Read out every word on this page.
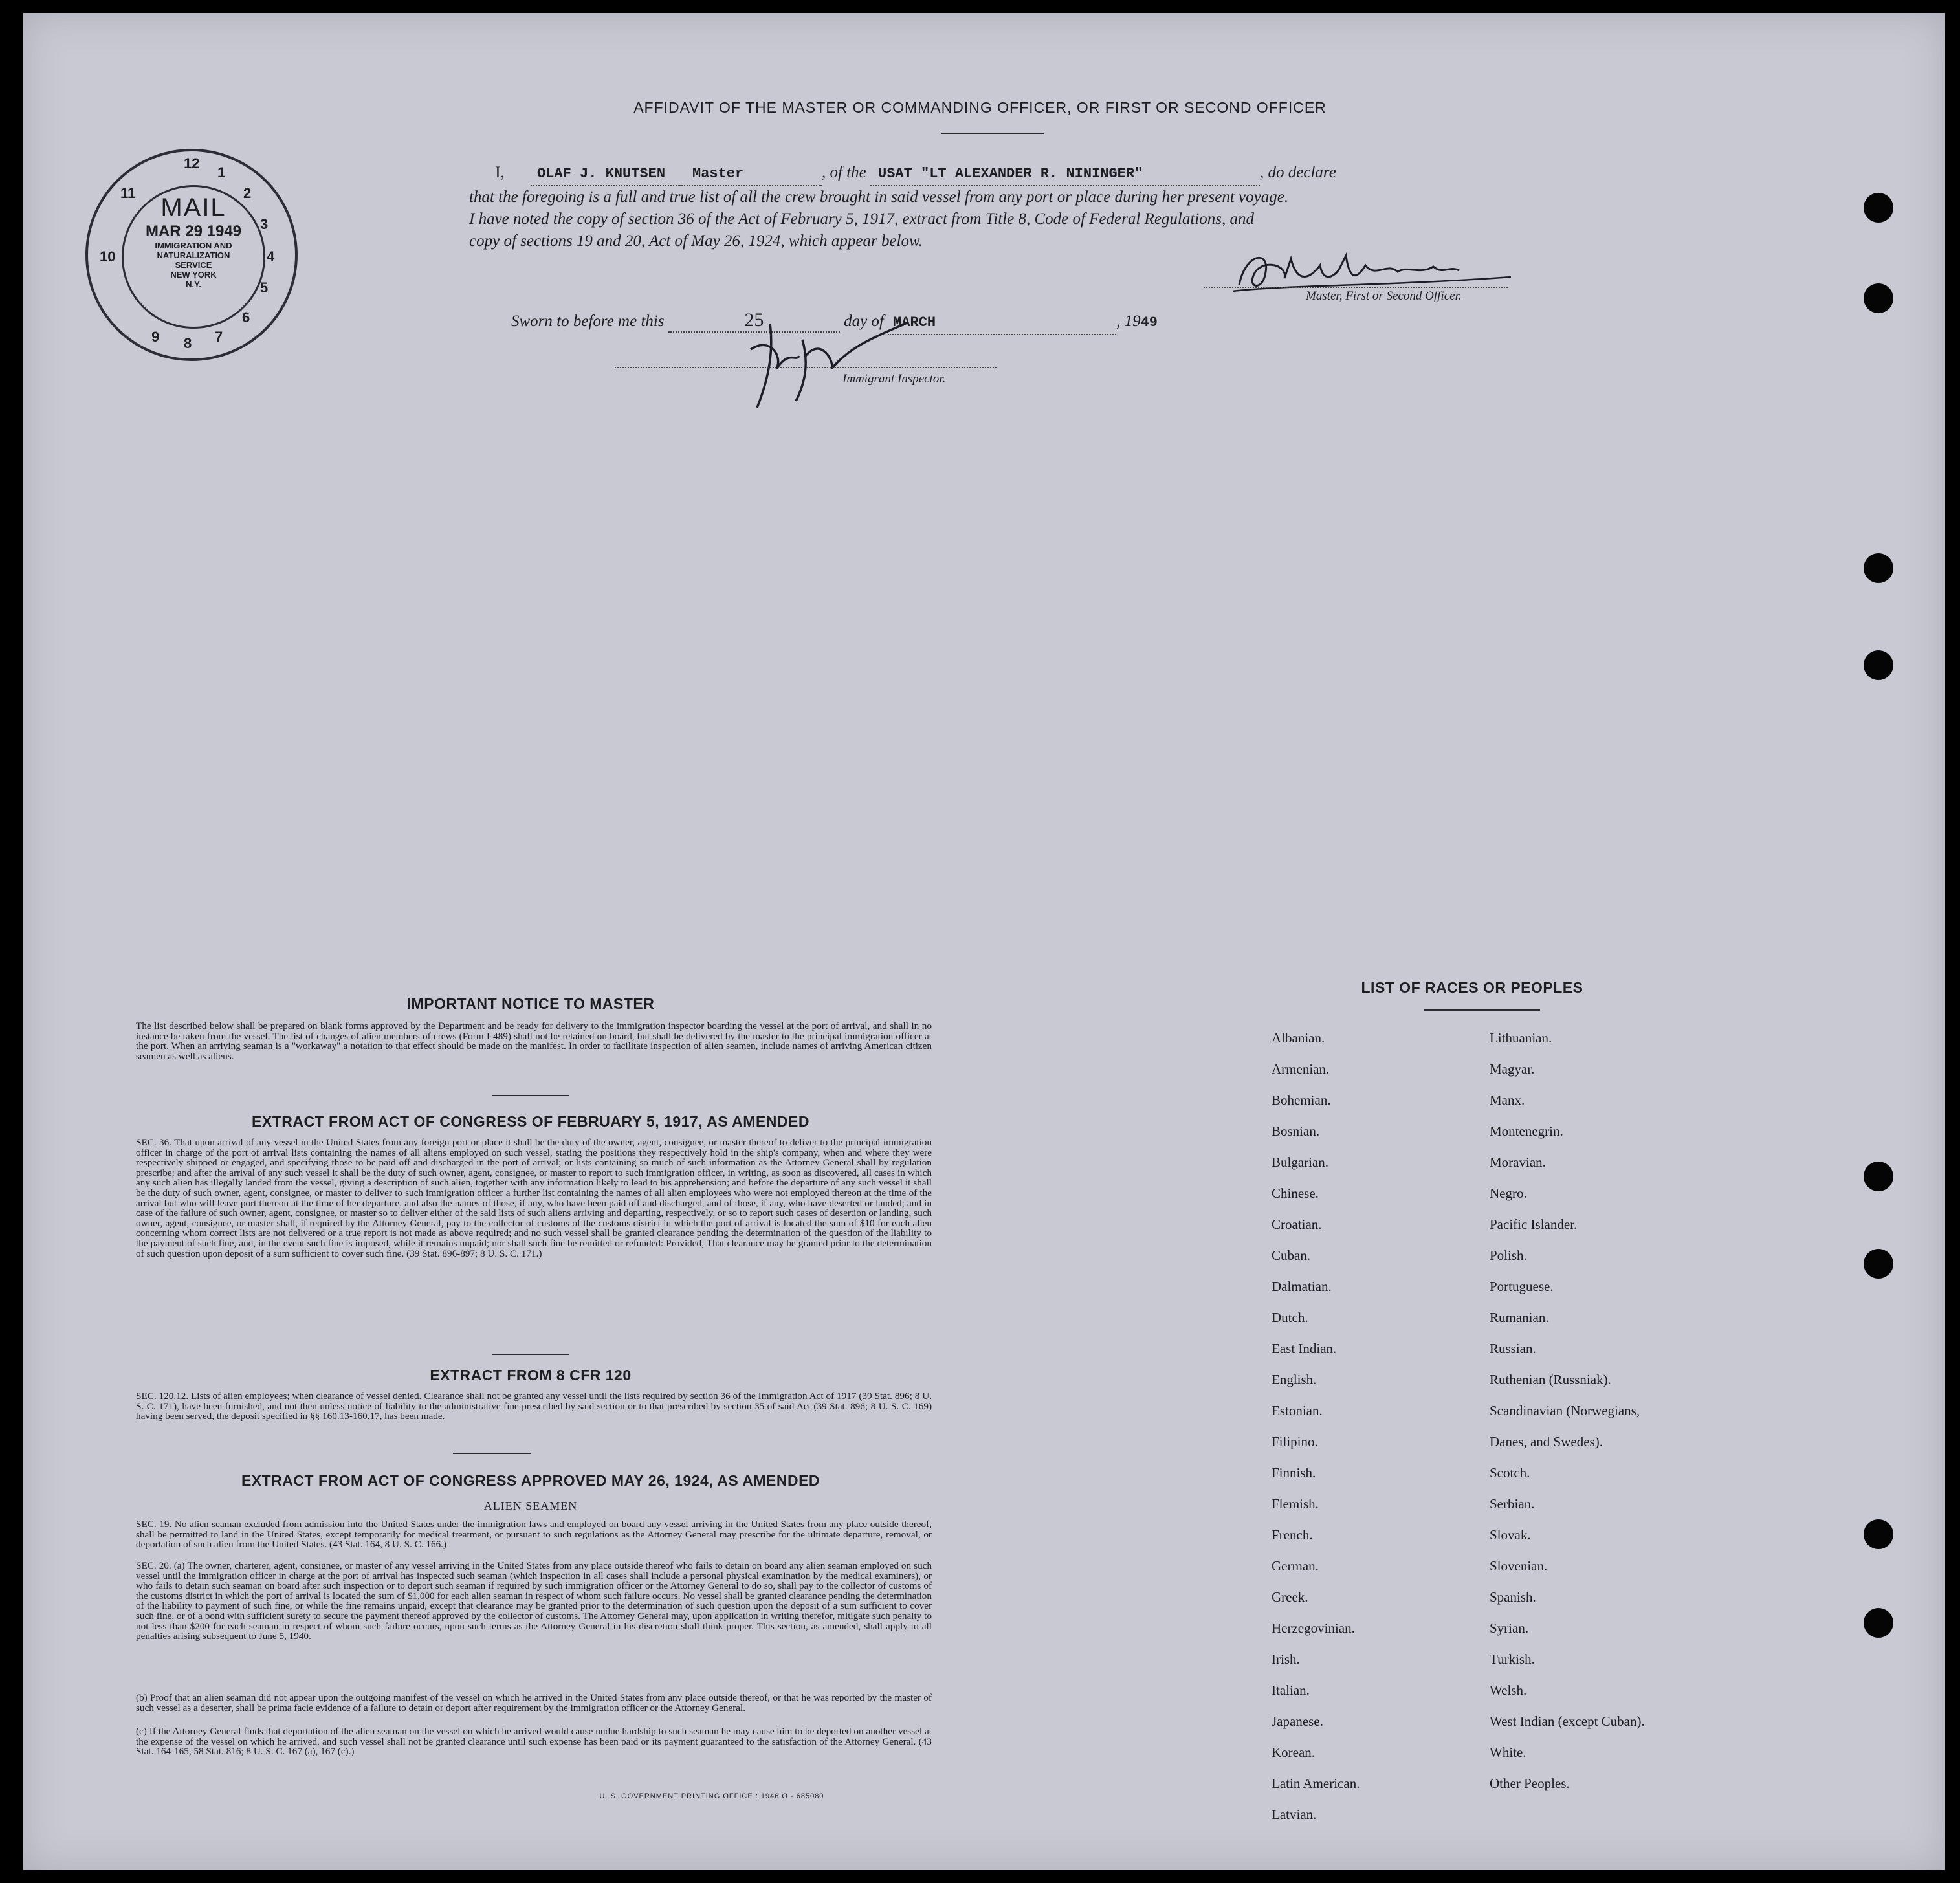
AFFIDAVIT OF THE MASTER OR COMMANDING OFFICER, OR FIRST OR SECOND OFFICER
I, OLAF J. KNUTSEN Master	, of the USAT "LT ALEXANDER R. NININGER"	, do declare
that the foregoing is a full and true list of all the crew brought in said vessel from any port or place during her present voyage.
I have noted the copy of section 36 of the Act of February 5, 1917, extract from Title 8, Code of Federal Regulations, and
copy of sections 19 and 20, Act of May 26, 1924, which appear below.
Master, First or Second Officer.
Sworn to before me this	25	day of MARCH	, 1949
Immigrant Inspector.
12
1
2
3
4
5
6
7
8
9
10
11
MAIL
MAR 29 1949
IMMIGRATION AND
NATURALIZATION
SERVICE
NEW YORK
N.Y.
IMPORTANT NOTICE TO MASTER
The list described below shall be prepared on blank forms approved by the Department and be ready for delivery to the immigration inspector boarding the vessel at the port of arrival, and shall in no instance be taken from the vessel. The list of changes of alien members of crews (Form I-489) shall not be retained on board, but shall be delivered by the master to the principal immigration officer at the port. When an arriving seaman is a "workaway" a notation to that effect should be made on the manifest. In order to facilitate inspection of alien seamen, include names of arriving American citizen seamen as well as aliens.
EXTRACT FROM ACT OF CONGRESS OF FEBRUARY 5, 1917, AS AMENDED
SEC. 36. That upon arrival of any vessel in the United States from any foreign port or place it shall be the duty of the owner, agent, consignee, or master thereof to deliver to the principal immigration officer in charge of the port of arrival lists containing the names of all aliens employed on such vessel, stating the positions they respectively hold in the ship's company, when and where they were respectively shipped or engaged, and specifying those to be paid off and discharged in the port of arrival; or lists containing so much of such information as the Attorney General shall by regulation prescribe; and after the arrival of any such vessel it shall be the duty of such owner, agent, consignee, or master to report to such immigration officer, in writing, as soon as discovered, all cases in which any such alien has illegally landed from the vessel, giving a description of such alien, together with any information likely to lead to his apprehension; and before the departure of any such vessel it shall be the duty of such owner, agent, consignee, or master to deliver to such immigration officer a further list containing the names of all alien employees who were not employed thereon at the time of the arrival but who will leave port thereon at the time of her departure, and also the names of those, if any, who have been paid off and discharged, and of those, if any, who have deserted or landed; and in case of the failure of such owner, agent, consignee, or master so to deliver either of the said lists of such aliens arriving and departing, respectively, or so to report such cases of desertion or landing, such owner, agent, consignee, or master shall, if required by the Attorney General, pay to the collector of customs of the customs district in which the port of arrival is located the sum of $10 for each alien concerning whom correct lists are not delivered or a true report is not made as above required; and no such vessel shall be granted clearance pending the determination of the question of the liability to the payment of such fine, and, in the event such fine is imposed, while it remains unpaid; nor shall such fine be remitted or refunded: Provided, That clearance may be granted prior to the determination of such question upon deposit of a sum sufficient to cover such fine. (39 Stat. 896-897; 8 U. S. C. 171.)
EXTRACT FROM 8 CFR 120
SEC. 120.12. Lists of alien employees; when clearance of vessel denied. Clearance shall not be granted any vessel until the lists required by section 36 of the Immigration Act of 1917 (39 Stat. 896; 8 U. S. C. 171), have been furnished, and not then unless notice of liability to the administrative fine prescribed by said section or to that prescribed by section 35 of said Act (39 Stat. 896; 8 U. S. C. 169) having been served, the deposit specified in §§ 160.13-160.17, has been made.
EXTRACT FROM ACT OF CONGRESS APPROVED MAY 26, 1924, AS AMENDED
ALIEN SEAMEN
SEC. 19. No alien seaman excluded from admission into the United States under the immigration laws and employed on board any vessel arriving in the United States from any place outside thereof, shall be permitted to land in the United States, except temporarily for medical treatment, or pursuant to such regulations as the Attorney General may prescribe for the ultimate departure, removal, or deportation of such alien from the United States. (43 Stat. 164, 8 U. S. C. 166.)
SEC. 20. (a) The owner, charterer, agent, consignee, or master of any vessel arriving in the United States from any place outside thereof who fails to detain on board any alien seaman employed on such vessel until the immigration officer in charge at the port of arrival has inspected such seaman (which inspection in all cases shall include a personal physical examination by the medical examiners), or who fails to detain such seaman on board after such inspection or to deport such seaman if required by such immigration officer or the Attorney General to do so, shall pay to the collector of customs of the customs district in which the port of arrival is located the sum of $1,000 for each alien seaman in respect of whom such failure occurs. No vessel shall be granted clearance pending the determination of the liability to payment of such fine, or while the fine remains unpaid, except that clearance may be granted prior to the determination of such question upon the deposit of a sum sufficient to cover such fine, or of a bond with sufficient surety to secure the payment thereof approved by the collector of customs. The Attorney General may, upon application in writing therefor, mitigate such penalty to not less than $200 for each seaman in respect of whom such failure occurs, upon such terms as the Attorney General in his discretion shall think proper. This section, as amended, shall apply to all penalties arising subsequent to June 5, 1940.
(b) Proof that an alien seaman did not appear upon the outgoing manifest of the vessel on which he arrived in the United States from any place outside thereof, or that he was reported by the master of such vessel as a deserter, shall be prima facie evidence of a failure to detain or deport after requirement by the immigration officer or the Attorney General.
(c) If the Attorney General finds that deportation of the alien seaman on the vessel on which he arrived would cause undue hardship to such seaman he may cause him to be deported on another vessel at the expense of the vessel on which he arrived, and such vessel shall not be granted clearance until such expense has been paid or its payment guaranteed to the satisfaction of the Attorney General. (43 Stat. 164-165, 58 Stat. 816; 8 U. S. C. 167 (a), 167 (c).)
U. S. GOVERNMENT PRINTING OFFICE : 1946 O - 685080
LIST OF RACES OR PEOPLES
Albanian.
Armenian.
Bohemian.
Bosnian.
Bulgarian.
Chinese.
Croatian.
Cuban.
Dalmatian.
Dutch.
East Indian.
English.
Estonian.
Filipino.
Finnish.
Flemish.
French.
German.
Greek.
Herzegovinian.
Irish.
Italian.
Japanese.
Korean.
Latin American.
Latvian.
Lithuanian.
Magyar.
Manx.
Montenegrin.
Moravian.
Negro.
Pacific Islander.
Polish.
Portuguese.
Rumanian.
Russian.
Ruthenian (Russniak).
Scandinavian (Norwegians,
Danes, and Swedes).
Scotch.
Serbian.
Slovak.
Slovenian.
Spanish.
Syrian.
Turkish.
Welsh.
West Indian (except Cuban).
White.
Other Peoples.
